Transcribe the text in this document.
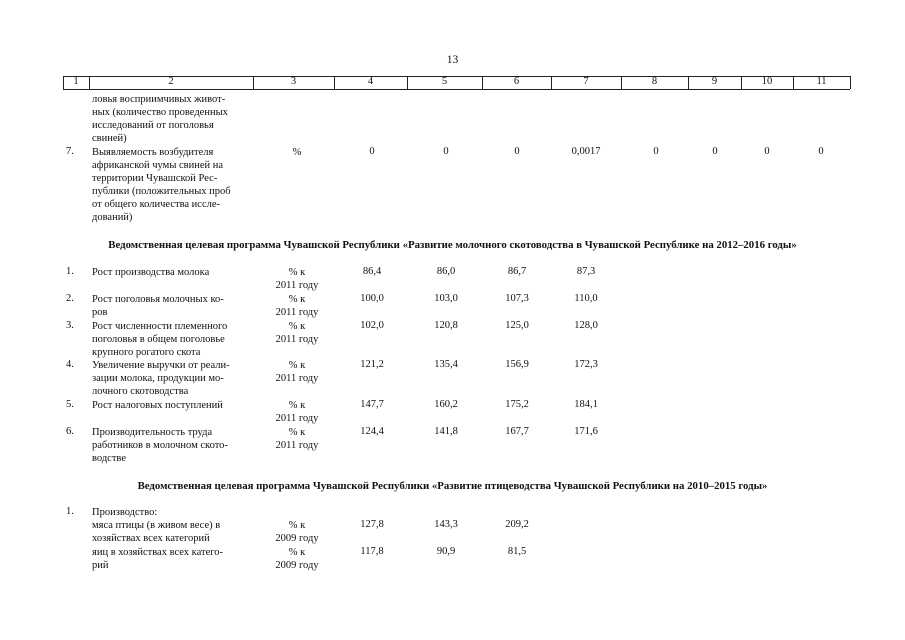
13
1	2	3	4	5	6	7	8	9	10	11
ловья восприимчивых живот-
ных (количество проведенных
исследований от поголовья
свиней)
7. Выявляемость возбудителя
африканской чумы свиней на
территории Чувашской Рес-
публики (положительных проб
от общего количества иссле-
дований)
%	0	0	0	0,0017	0	0	0	0
Ведомственная целевая программа Чувашской Республики «Развитие молочного скотоводства в Чувашской Республике на 2012–2016 годы»
1. Рост производства молока	% к
2011 году
86,4	86,0	86,7	87,3
2. Рост поголовья молочных ко-
ров
% к
2011 году
100,0	103,0	107,3	110,0
3. Рост численности племенного
поголовья в общем поголовье
крупного рогатого скота
% к
2011 году
102,0	120,8	125,0	128,0
4. Увеличение выручки от реали-
зации молока, продукции мо-
лочного скотоводства
% к
2011 году
121,2	135,4	156,9	172,3
5. Рост налоговых поступлений	% к
2011 году
147,7	160,2	175,2	184,1
6. Производительность труда
работников в молочном ското-
водстве
% к
2011 году
124,4	141,8	167,7	171,6
Ведомственная целевая программа Чувашской Республики «Развитие птицеводства Чувашской Республики на 2010–2015 годы»
1. Производство:
мяса птицы (в живом весе) в
хозяйствах всех категорий
% к
2009 году
127,8	143,3	209,2
яиц в хозяйствах всех катего-
рий
% к
2009 году
117,8	90,9	81,5
